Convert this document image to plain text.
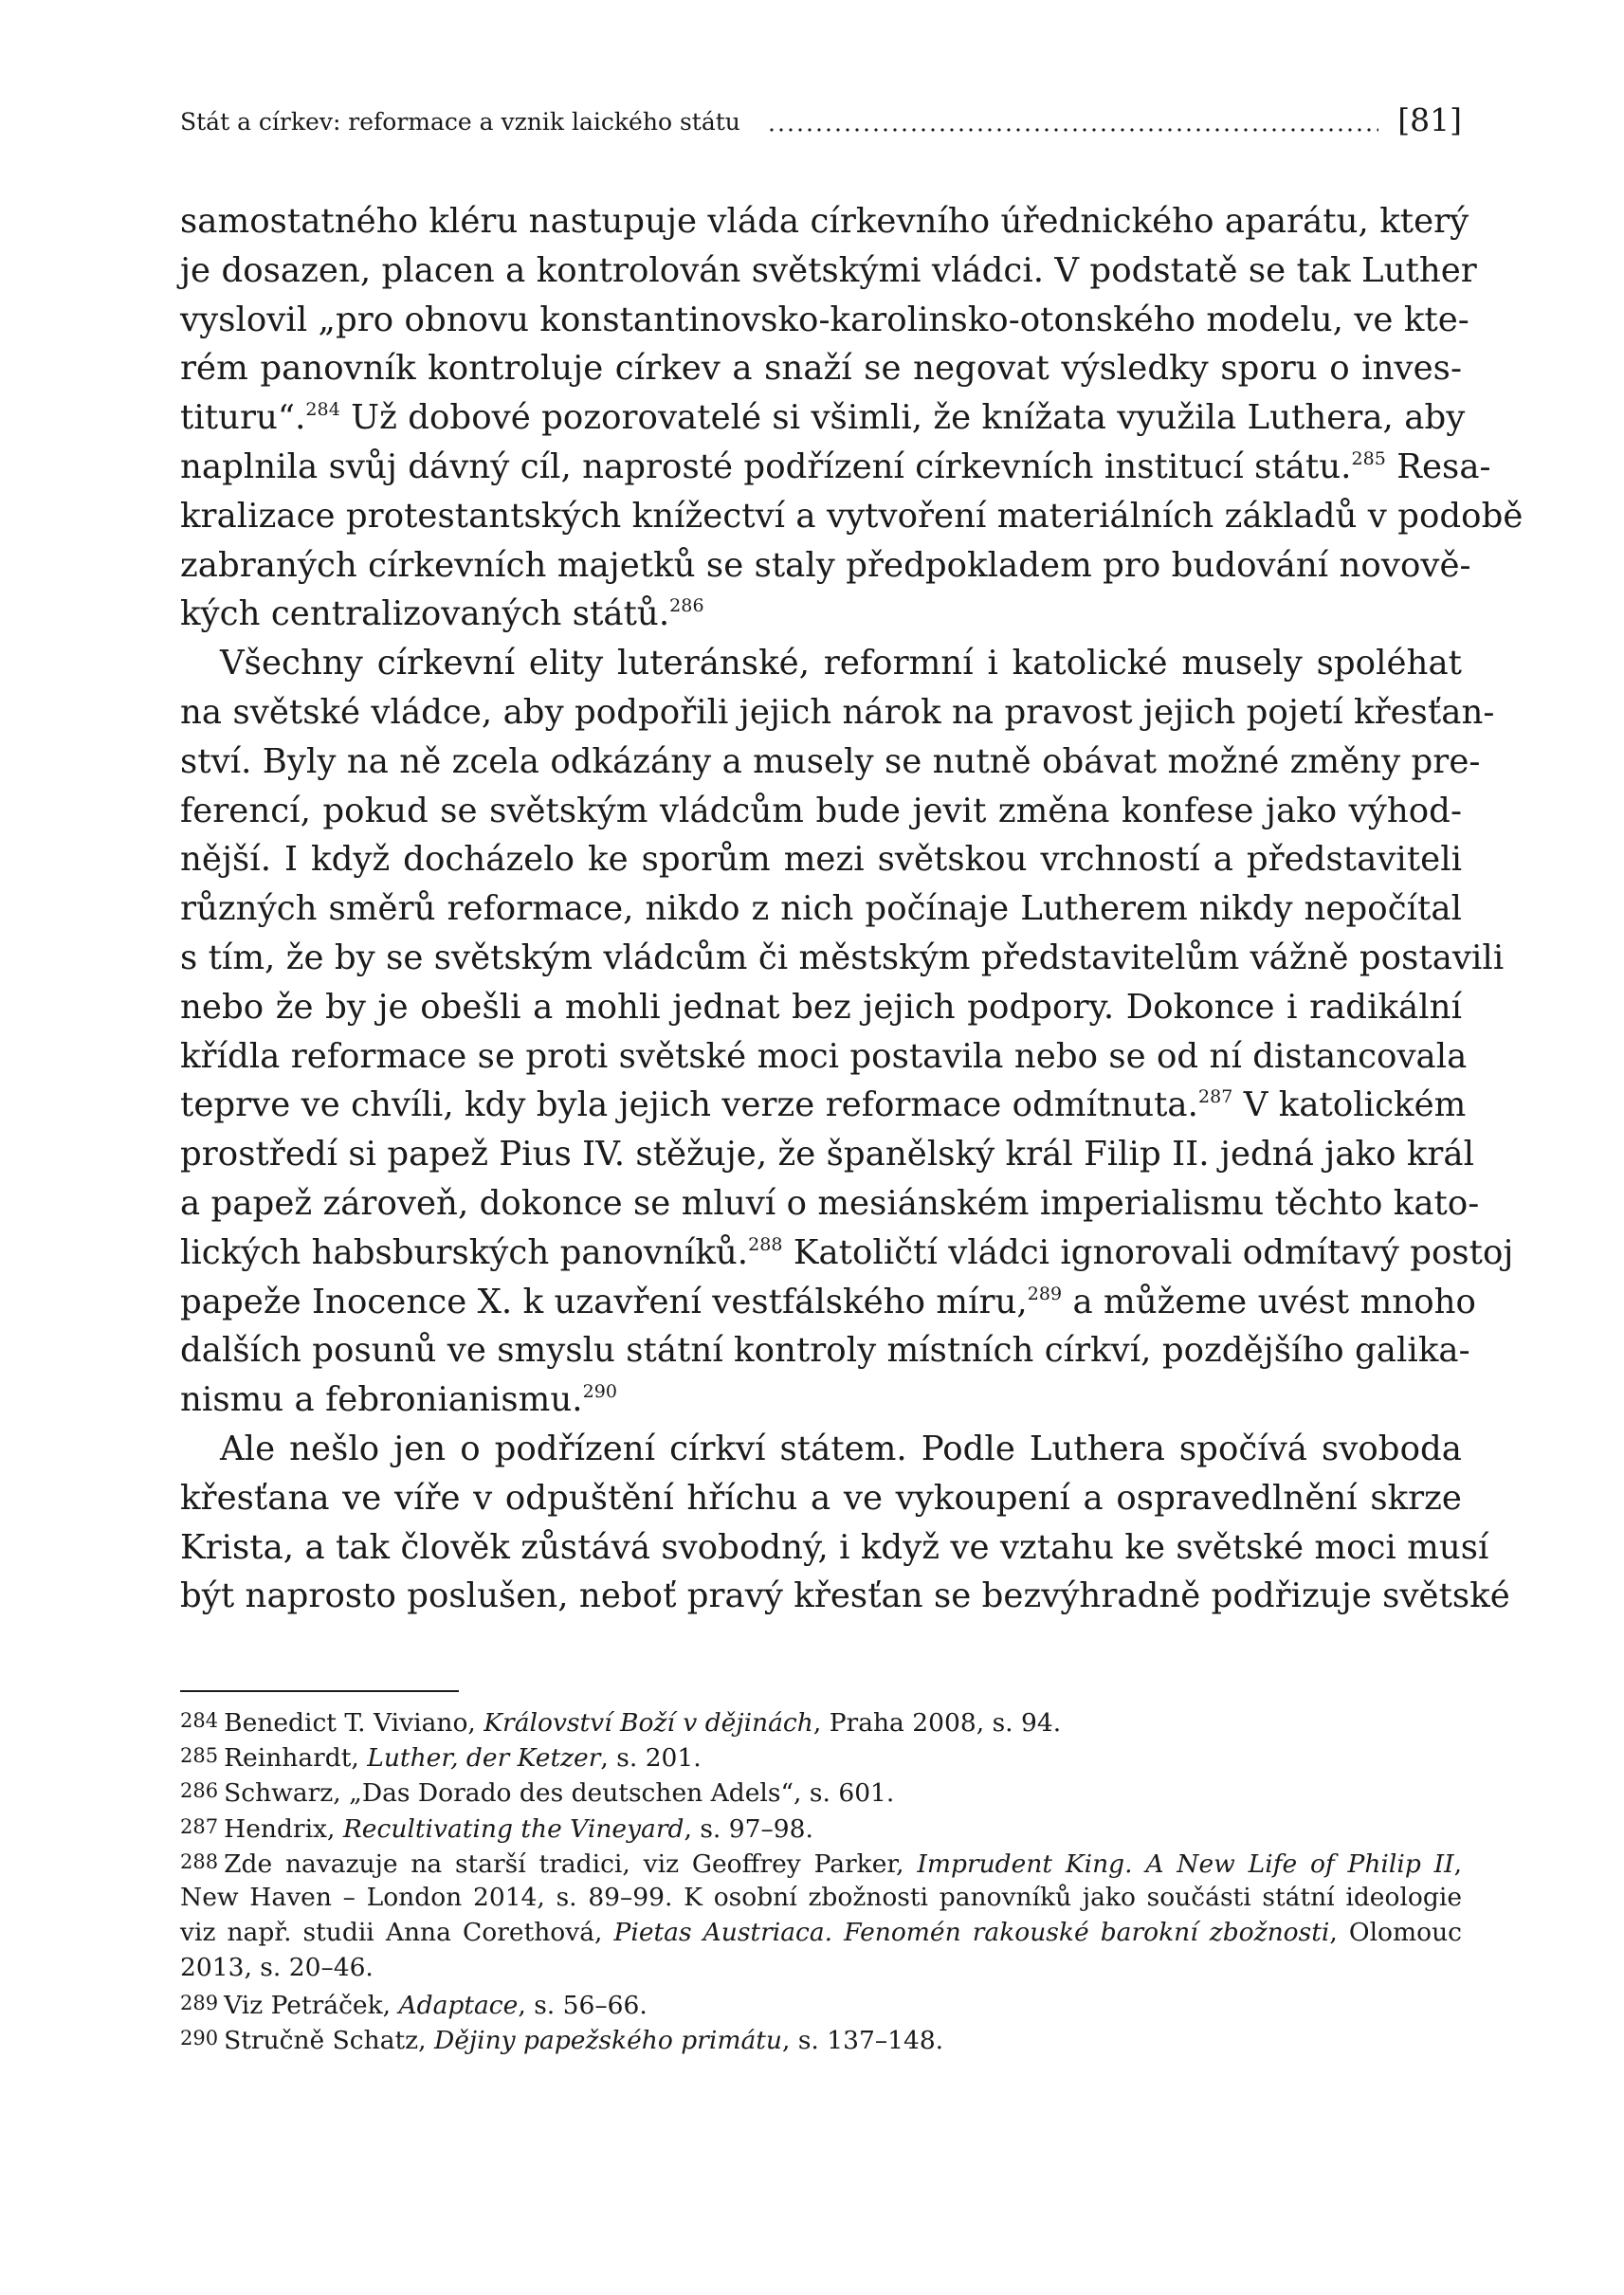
Stát a církev: reformace a vznik laického státu	[81]
samostatného kléru nastupuje vláda církevního úřednického aparátu, který
je dosazen, placen a kontrolován světskými vládci. V podstatě se tak Luther
vyslovil „pro obnovu konstantinovsko-karolinsko-otonského modelu, ve kte-
rém panovník kontroluje církev a snaží se negovat výsledky sporu o inves-
tituru“.$^{284}$ Už dobové pozorovatelé si všimli, že knížata využila Luthera, aby
naplnila svůj dávný cíl, naprosté podřízení církevních institucí státu.$^{285}$ Resa-
kralizace protestantských knížectví a vytvoření materiálních základů v podobě
zabraných církevních majetků se staly předpokladem pro budování novově-
kých centralizovaných států.$^{286}$
Všechny církevní elity luteránské, reformní i katolické musely spoléhat
na světské vládce, aby podpořili jejich nárok na pravost jejich pojetí křesťan-
ství. Byly na ně zcela odkázány a musely se nutně obávat možné změny pre-
ferencí, pokud se světským vládcům bude jevit změna konfese jako výhod-
nější. I když docházelo ke sporům mezi světskou vrchností a představiteli
různých směrů reformace, nikdo z nich počínaje Lutherem nikdy nepočítal
s tím, že by se světským vládcům či městským představitelům vážně postavili
nebo že by je obešli a mohli jednat bez jejich podpory. Dokonce i radikální
křídla reformace se proti světské moci postavila nebo se od ní distancovala
teprve ve chvíli, kdy byla jejich verze reformace odmítnuta.$^{287}$ V katolickém
prostředí si papež Pius IV. stěžuje, že španělský král Filip II. jedná jako král
a papež zároveň, dokonce se mluví o mesiánském imperialismu těchto kato-
lických habsburských panovníků.$^{288}$ Katoličtí vládci ignorovali odmítavý postoj
papeže Inocence X. k uzavření vestfálského míru,$^{289}$ a můžeme uvést mnoho
dalších posunů ve smyslu státní kontroly místních církví, pozdějšího galika-
nismu a febronianismu.$^{290}$
Ale nešlo jen o podřízení církví státem. Podle Luthera spočívá svoboda
křesťana ve víře v odpuštění hříchu a ve vykoupení a ospravedlnění skrze
Krista, a tak člověk zůstává svobodný, i když ve vztahu ke světské moci musí
být naprosto poslušen, neboť pravý křesťan se bezvýhradně podřizuje světské
284 Benedict T. Viviano, Království Boží v dějinách, Praha 2008, s. 94.
285 Reinhardt, Luther, der Ketzer, s. 201.
286 Schwarz, „Das Dorado des deutschen Adels“, s. 601.
287 Hendrix, Recultivating the Vineyard, s. 97–98.
288 Zde navazuje na starší tradici, viz Geoffrey Parker, Imprudent King. A New Life of Philip II,
New Haven – London 2014, s. 89–99. K osobní zbožnosti panovníků jako součásti státní ideologie
viz např. studii Anna Corethová, Pietas Austriaca. Fenomén rakouské barokní zbožnosti, Olomouc
2013, s. 20–46.
289 Viz Petráček, Adaptace, s. 56–66.
290 Stručně Schatz, Dějiny papežského primátu, s. 137–148.
